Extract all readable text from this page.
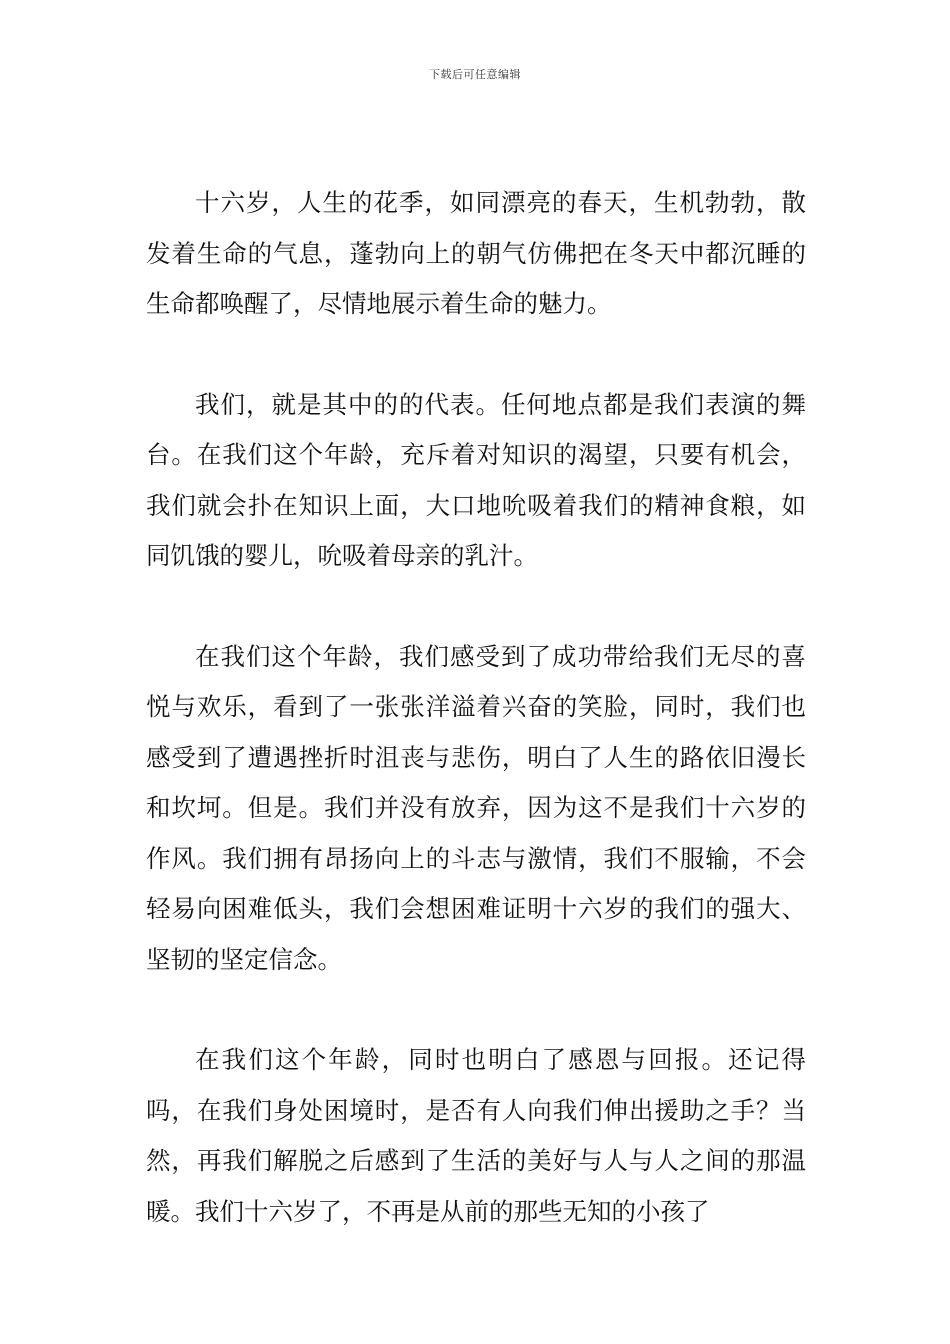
下载后可任意编辑

十六岁，人生的花季，如同漂亮的春天，生机勃勃，散发着生命的气息，蓬勃向上的朝气仿佛把在冬天中都沉睡的生命都唤醒了，尽情地展示着生命的魅力。

我们，就是其中的的代表。任何地点都是我们表演的舞台。在我们这个年龄，充斥着对知识的渴望，只要有机会，我们就会扑在知识上面，大口地吮吸着我们的精神食粮，如同饥饿的婴儿，吮吸着母亲的乳汁。

在我们这个年龄，我们感受到了成功带给我们无尽的喜悦与欢乐，看到了一张张洋溢着兴奋的笑脸，同时，我们也感受到了遭遇挫折时沮丧与悲伤，明白了人生的路依旧漫长和坎坷。但是。我们并没有放弃，因为这不是我们十六岁的作风。我们拥有昂扬向上的斗志与激情，我们不服输，不会轻易向困难低头，我们会想困难证明十六岁的我们的强大、坚韧的坚定信念。

在我们这个年龄，同时也明白了感恩与回报。还记得吗，在我们身处困境时，是否有人向我们伸出援助之手？当然，再我们解脱之后感到了生活的美好与人与人之间的那温暖。我们十六岁了，不再是从前的那些无知的小孩了
